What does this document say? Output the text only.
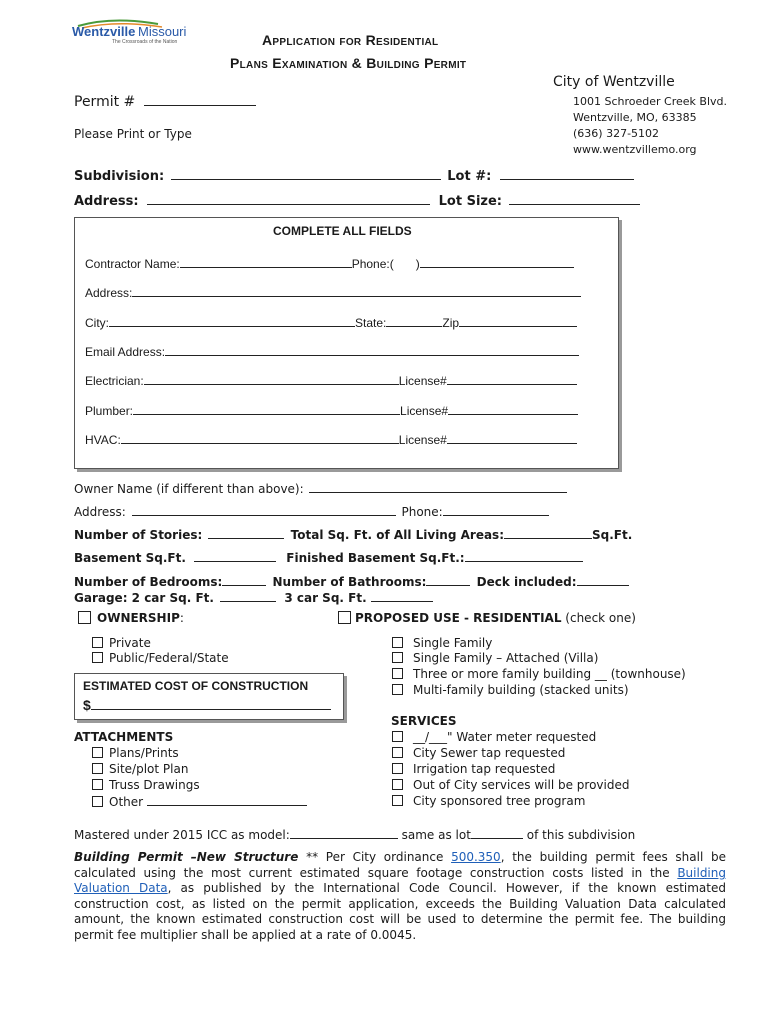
Wentzville Missouri
The Crossroads of the Nation	Application for Residential
Plans Examination & Building Permit
City of Wentzville
1001 Schroeder Creek Blvd.
Wentzville, MO, 63385
(636) 327-5102
www.wentzvillemo.org
Permit #
Please Print or Type
Subdivision:	Lot #:
Address:	Lot Size:
COMPLETE ALL FIELDS
Contractor Name:	Phone:( )
Address:
City:	State:	Zip
Email Address:
Electrician:	License#
Plumber:	License#
HVAC:	License#
Owner Name (if different than above):
Address:	Phone:
Number of Stories:	Total Sq. Ft. of All Living Areas:	Sq.Ft.
Basement Sq.Ft.	Finished Basement Sq.Ft.:
Number of Bedrooms:	Number of Bathrooms:	Deck included:
Garage: 2 car Sq. Ft.	3 car Sq. Ft.
OWNERSHIP:
Private
Public/Federal/State
PROPOSED USE - RESIDENTIAL (check one)
Single Family
Single Family – Attached (Villa)
Three or more family building __ (townhouse)
Multi-family building (stacked units)
ESTIMATED COST OF CONSTRUCTION
$
ATTACHMENTS
Plans/Prints
Site/plot Plan
Truss Drawings
Other
SERVICES
__/___" Water meter requested
City Sewer tap requested
Irrigation tap requested
Out of City services will be provided
City sponsored tree program
Mastered under 2015 ICC as model:	same as lot	of this subdivision
Building Permit –New Structure ** Per City ordinance 500.350, the building permit fees shall be calculated using the most current estimated square footage construction costs listed in the Building Valuation Data, as published by the International Code Council. However, if the known estimated construction cost, as listed on the permit application, exceeds the Building Valuation Data calculated amount, the known estimated construction cost will be used to determine the permit fee. The building permit fee multiplier shall be applied at a rate of 0.0045.
